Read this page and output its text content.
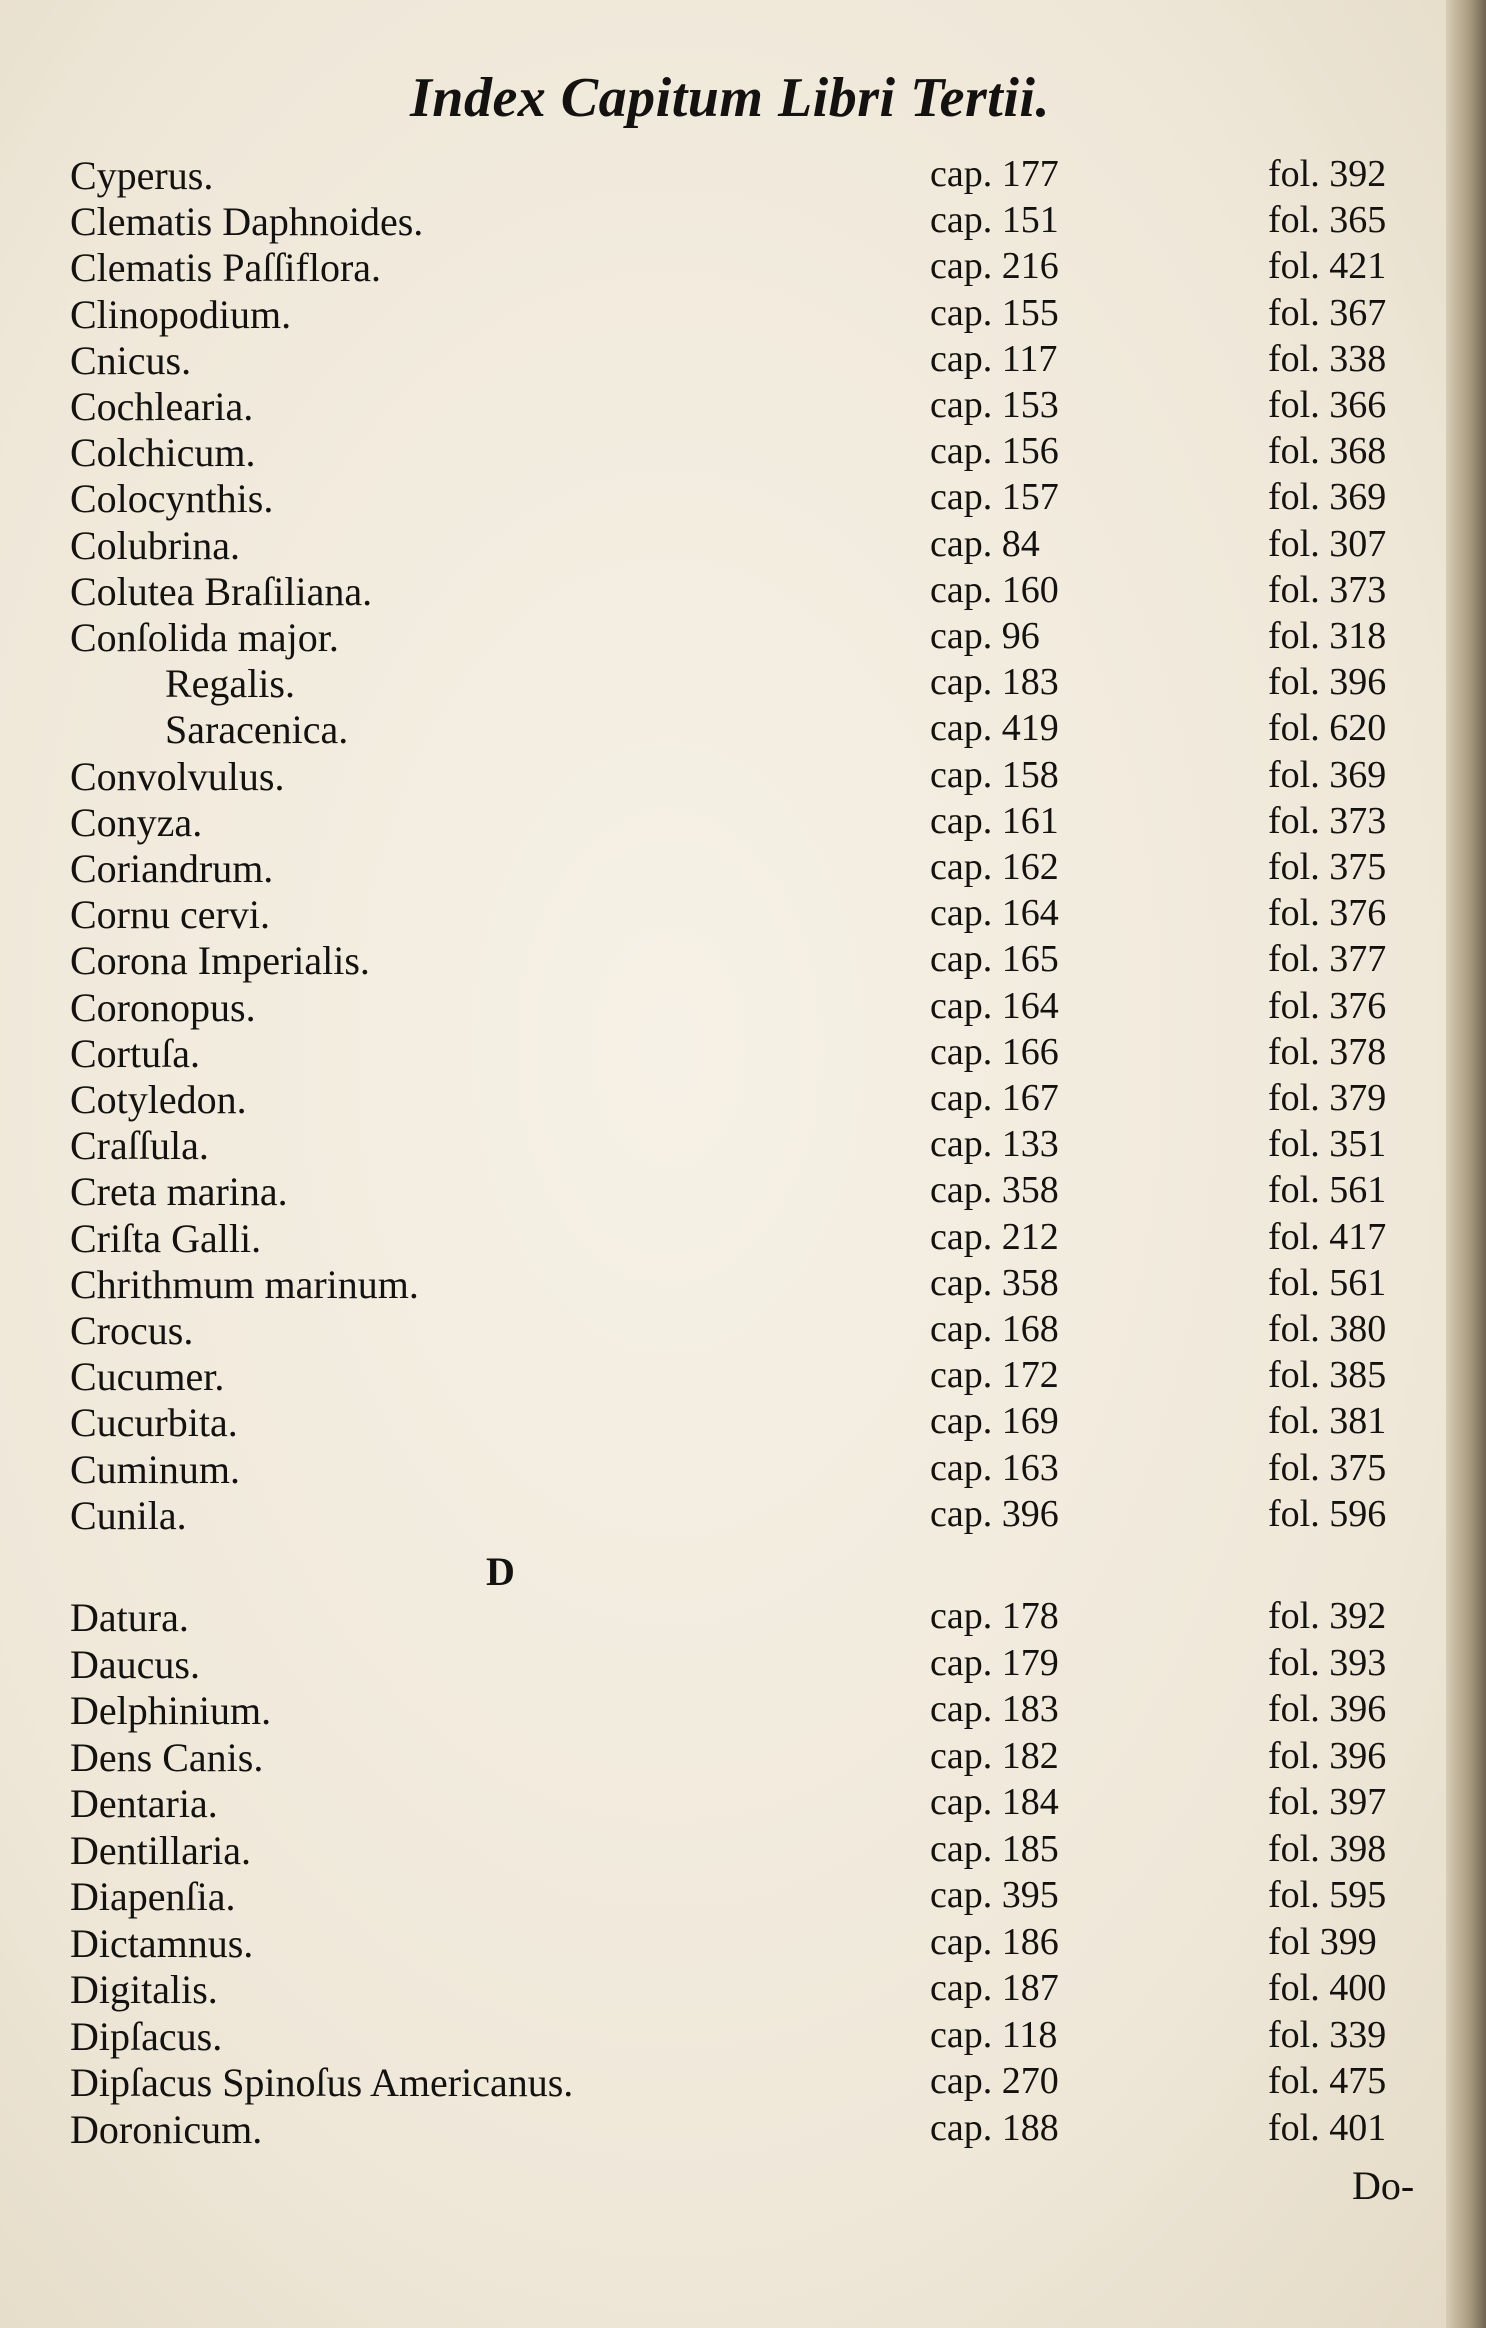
Index Capitum Libri Tertii.
Cyperus.	cap. 177	fol. 392
Clematis Daphnoides.	cap. 151	fol. 365
Clematis Paſſiflora.	cap. 216	fol. 421
Clinopodium.	cap. 155	fol. 367
Cnicus.	cap. 117	fol. 338
Cochlearia.	cap. 153	fol. 366
Colchicum.	cap. 156	fol. 368
Colocynthis.	cap. 157	fol. 369
Colubrina.	cap. 84	fol. 307
Colutea Braſiliana.	cap. 160	fol. 373
Conſolida major.	cap. 96	fol. 318
Regalis.	cap. 183	fol. 396
Saracenica.	cap. 419	fol. 620
Convolvulus.	cap. 158	fol. 369
Conyza.	cap. 161	fol. 373
Coriandrum.	cap. 162	fol. 375
Cornu cervi.	cap. 164	fol. 376
Corona Imperialis.	cap. 165	fol. 377
Coronopus.	cap. 164	fol. 376
Cortuſa.	cap. 166	fol. 378
Cotyledon.	cap. 167	fol. 379
Craſſula.	cap. 133	fol. 351
Creta marina.	cap. 358	fol. 561
Criſta Galli.	cap. 212	fol. 417
Chrithmum marinum.	cap. 358	fol. 561
Crocus.	cap. 168	fol. 380
Cucumer.	cap. 172	fol. 385
Cucurbita.	cap. 169	fol. 381
Cuminum.	cap. 163	fol. 375
Cunila.	cap. 396	fol. 596
Datura.	cap. 178	fol. 392
Daucus.	cap. 179	fol. 393
Delphinium.	cap. 183	fol. 396
Dens Canis.	cap. 182	fol. 396
Dentaria.	cap. 184	fol. 397
Dentillaria.	cap. 185	fol. 398
Diapenſia.	cap. 395	fol. 595
Dictamnus.	cap. 186	fol 399
Digitalis.	cap. 187	fol. 400
Dipſacus.	cap. 118	fol. 339
Dipſacus Spinoſus Americanus.	cap. 270	fol. 475
Doronicum.	cap. 188	fol. 401
D
Do-
